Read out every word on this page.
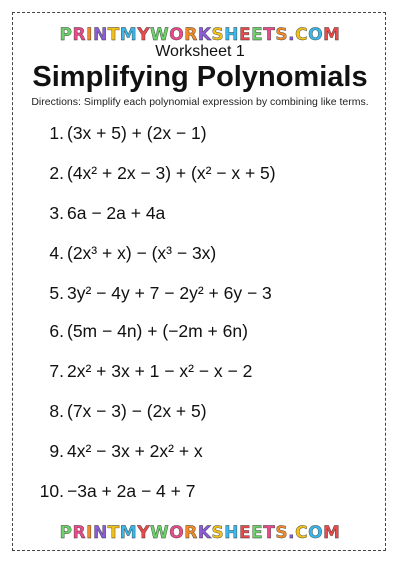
PRINTMYWORKSHEETS.COM
Worksheet 1
Simplifying Polynomials
Directions: Simplify each polynomial expression by combining like terms.
1. (3x + 5) + (2x − 1)
2. (4x² + 2x − 3) + (x² − x + 5)
3. 6a − 2a + 4a
4. (2x³ + x) − (x³ − 3x)
5. 3y² − 4y + 7 − 2y² + 6y − 3
6. (5m − 4n) + (−2m + 6n)
7. 2x² + 3x + 1 − x² − x − 2
8. (7x − 3) − (2x + 5)
9. 4x² − 3x + 2x² + x
10. −3a + 2a − 4 + 7
PRINTMYWORKSHEETS.COM
